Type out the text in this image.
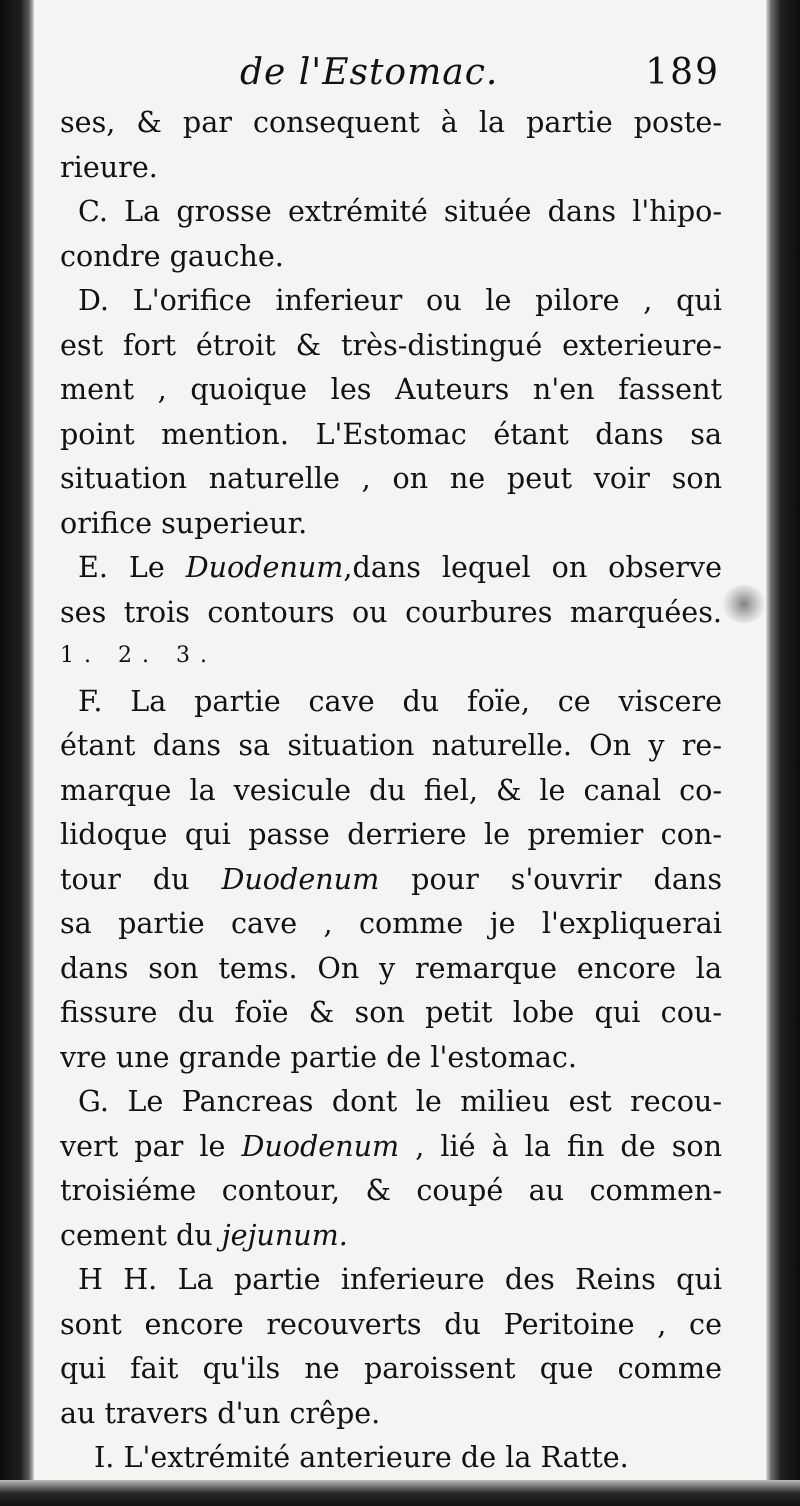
de l'Estomac.	189
ses, & par consequent à la partie poste-
rieure.
C. La grosse extrémité située dans l'hipo-
condre gauche.
D. L'orifice inferieur ou le pilore , qui
est fort étroit & très-distingué exterieure-
ment , quoique les Auteurs n'en fassent
point mention. L'Estomac étant dans sa
situation naturelle , on ne peut voir son
orifice superieur.
E. Le Duodenum,dans lequel on observe
ses trois contours ou courbures marquées.
1. 2. 3.
F. La partie cave du foïe, ce viscere
étant dans sa situation naturelle. On y re-
marque la vesicule du fiel, & le canal co-
lidoque qui passe derriere le premier con-
tour du Duodenum pour s'ouvrir dans
sa partie cave , comme je l'expliquerai
dans son tems. On y remarque encore la
fissure du foïe & son petit lobe qui cou-
vre une grande partie de l'estomac.
G. Le Pancreas dont le milieu est recou-
vert par le Duodenum , lié à la fin de son
troisiéme contour, & coupé au commen-
cement du jejunum.
H H. La partie inferieure des Reins qui
sont encore recouverts du Peritoine , ce
qui fait qu'ils ne paroissent que comme
au travers d'un crêpe.
I. L'extrémité anterieure de la Ratte.
